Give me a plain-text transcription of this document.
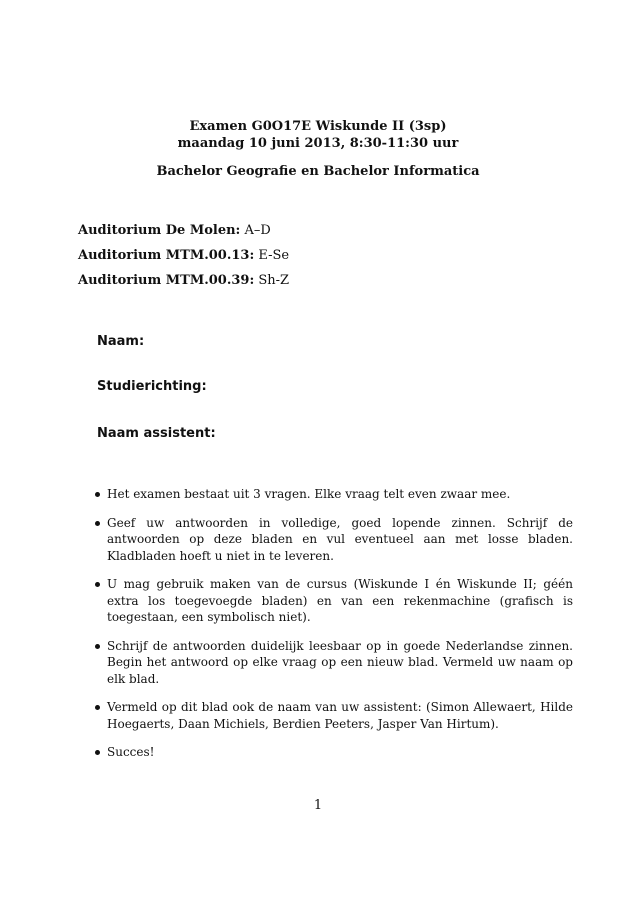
Examen G0O17E Wiskunde II (3sp)
maandag 10 juni 2013, 8:30-11:30 uur
Bachelor Geografie en Bachelor Informatica
Auditorium De Molen: A–D
Auditorium MTM.00.13: E-Se
Auditorium MTM.00.39: Sh-Z
Naam:
Studierichting:
Naam assistent:
Het examen bestaat uit 3 vragen. Elke vraag telt even zwaar mee.
Geef uw antwoorden in volledige, goed lopende zinnen. Schrijf de antwoorden op deze bladen en vul eventueel aan met losse bladen. Kladbladen hoeft u niet in te leveren.
U mag gebruik maken van de cursus (Wiskunde I én Wiskunde II; géén extra los toegevoegde bladen) en van een rekenmachine (grafisch is toegestaan, een symbolisch niet).
Schrijf de antwoorden duidelijk leesbaar op in goede Nederlandse zinnen. Begin het antwoord op elke vraag op een nieuw blad. Vermeld uw naam op elk blad.
Vermeld op dit blad ook de naam van uw assistent: (Simon Allewaert, Hilde Hoegaerts, Daan Michiels, Berdien Peeters, Jasper Van Hirtum).
Succes!
1
